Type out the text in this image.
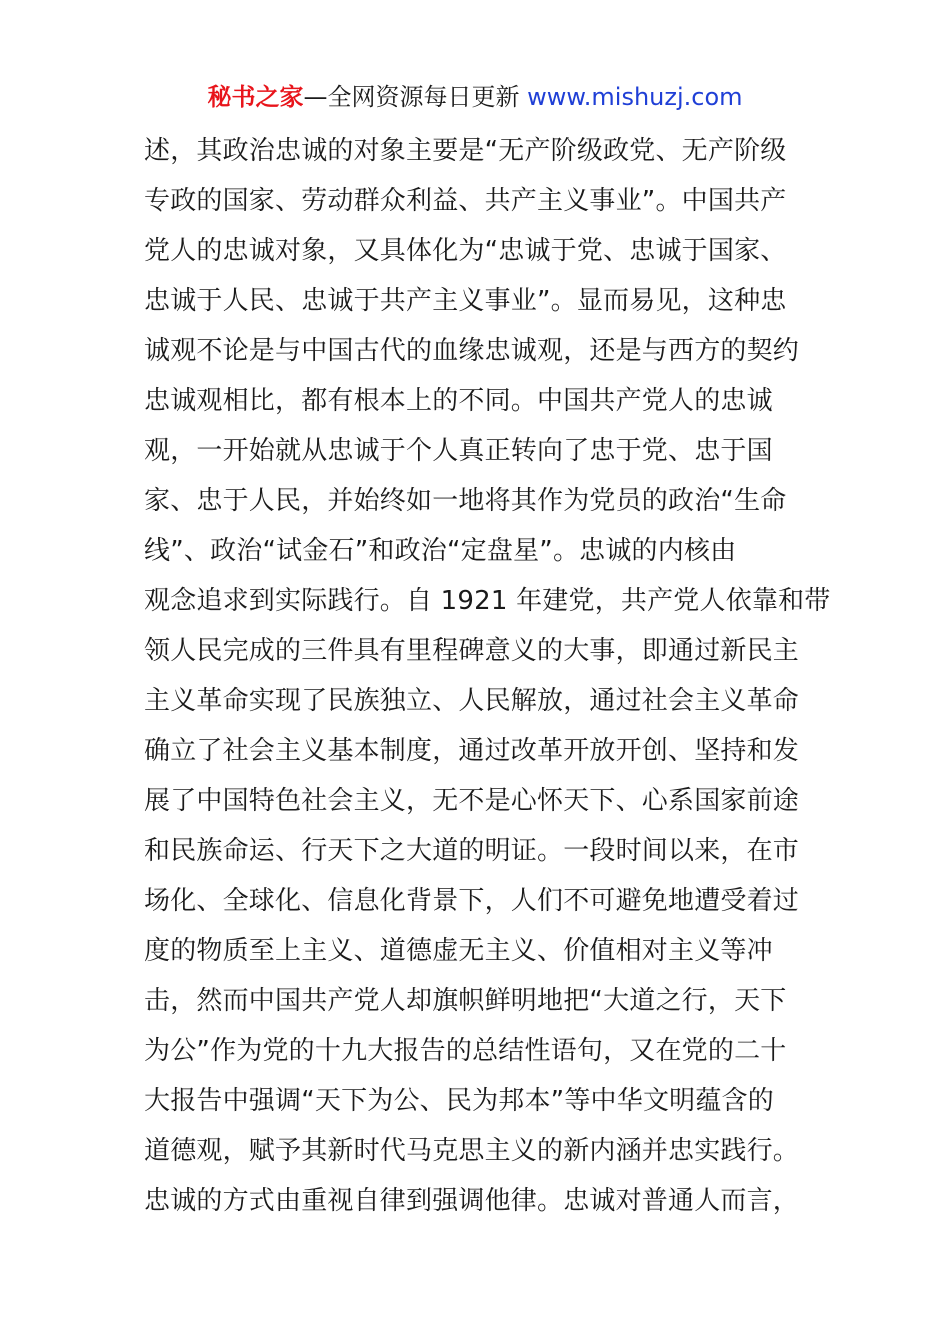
秘书之家—全网资源每日更新 www.mishuzj.com
述，其政治忠诚的对象主要是“无产阶级政党、无产阶级
专政的国家、劳动群众利益、共产主义事业”。中国共产
党人的忠诚对象，又具体化为“忠诚于党、忠诚于国家、
忠诚于人民、忠诚于共产主义事业”。显而易见，这种忠
诚观不论是与中国古代的血缘忠诚观，还是与西方的契约
忠诚观相比，都有根本上的不同。中国共产党人的忠诚
观，一开始就从忠诚于个人真正转向了忠于党、忠于国
家、忠于人民，并始终如一地将其作为党员的政治“生命
线”、政治“试金石”和政治“定盘星”。忠诚的内核由
观念追求到实际践行。自 1921 年建党，共产党人依靠和带
领人民完成的三件具有里程碑意义的大事，即通过新民主
主义革命实现了民族独立、人民解放，通过社会主义革命
确立了社会主义基本制度，通过改革开放开创、坚持和发
展了中国特色社会主义，无不是心怀天下、心系国家前途
和民族命运、行天下之大道的明证。一段时间以来，在市
场化、全球化、信息化背景下，人们不可避免地遭受着过
度的物质至上主义、道德虚无主义、价值相对主义等冲
击，然而中国共产党人却旗帜鲜明地把“大道之行，天下
为公”作为党的十九大报告的总结性语句，又在党的二十
大报告中强调“天下为公、民为邦本”等中华文明蕴含的
道德观，赋予其新时代马克思主义的新内涵并忠实践行。
忠诚的方式由重视自律到强调他律。忠诚对普通人而言，
